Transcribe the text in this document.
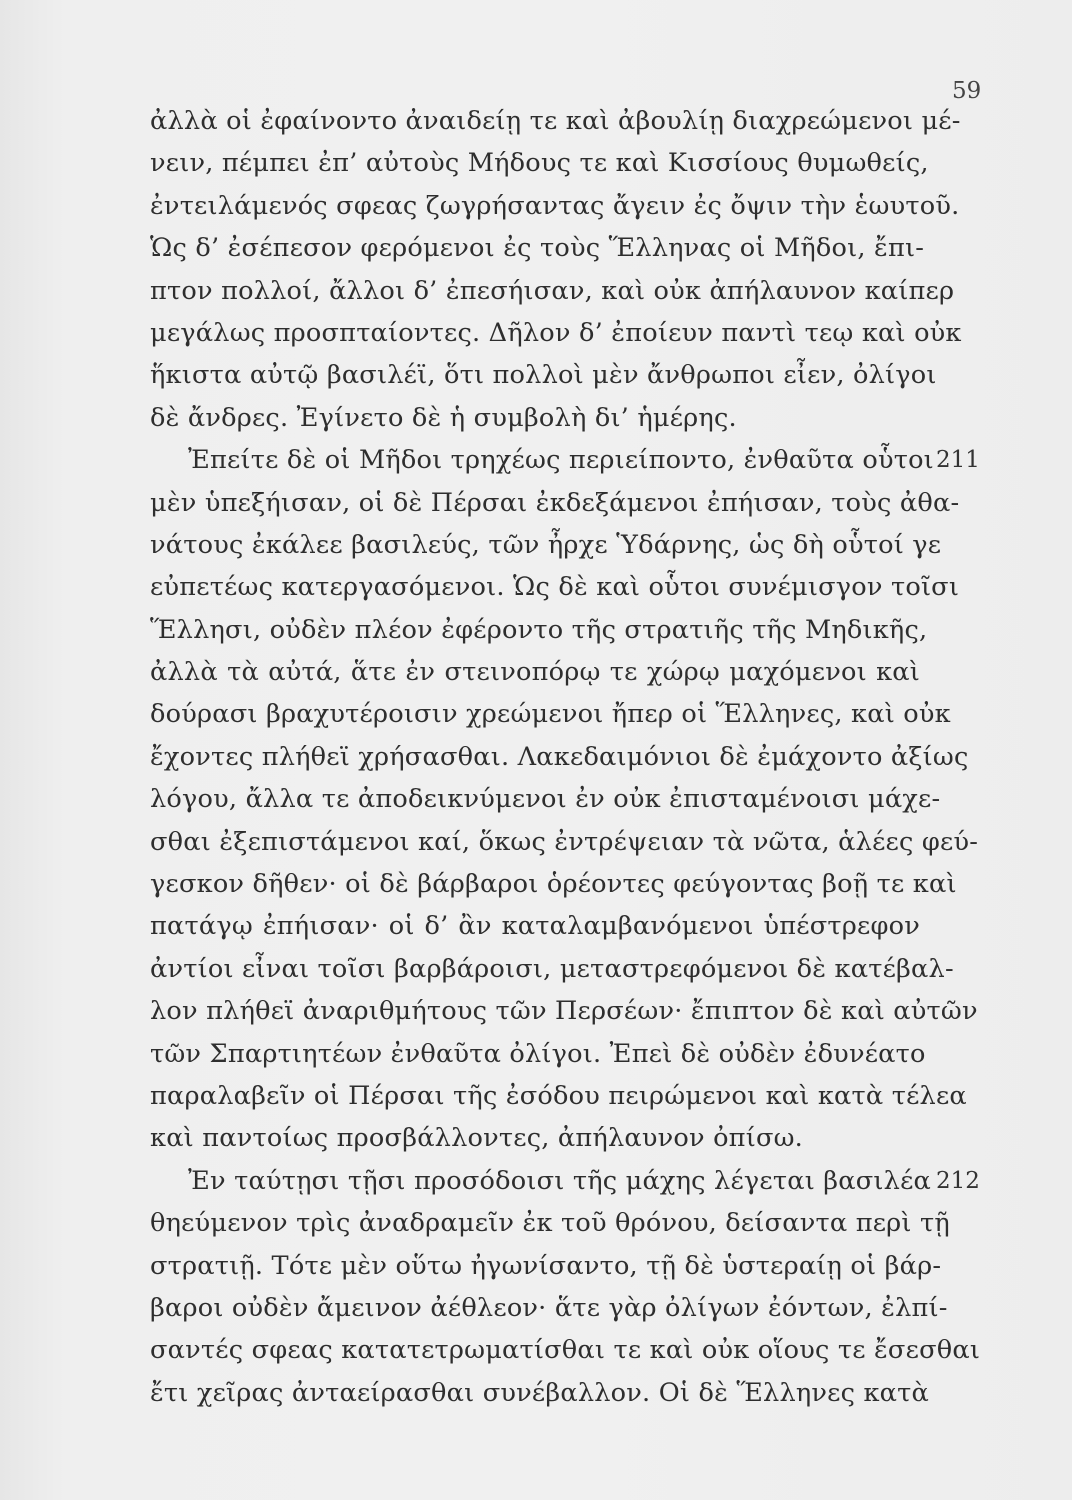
59
ἀλλὰ οἱ ἐφαίνοντο ἀναιδείῃ τε καὶ ἀβουλίῃ διαχρεώμενοι μέ-
νειν, πέμπει ἐπ’ αὐτοὺς Μήδους τε καὶ Κισσίους θυμωθείς,
ἐντειλάμενός σφεας ζωγρήσαντας ἄγειν ἐς ὄψιν τὴν ἑωυτοῦ.
Ὡς δ’ ἐσέπεσον φερόμενοι ἐς τοὺς Ἕλληνας οἱ Μῆδοι, ἔπι-
πτον πολλοί, ἄλλοι δ’ ἐπεσήισαν, καὶ οὐκ ἀπήλαυνον καίπερ
μεγάλως προσπταίοντες. Δῆλον δ’ ἐποίευν παντὶ τεῳ καὶ οὐκ
ἥκιστα αὐτῷ βασιλέϊ, ὅτι πολλοὶ μὲν ἄνθρωποι εἶεν, ὀλίγοι
δὲ ἄνδρες. Ἐγίνετο δὲ ἡ συμβολὴ δι’ ἡμέρης.
Ἐπείτε δὲ οἱ Μῆδοι τρηχέως περιείποντο, ἐνθαῦτα οὗτοι
μὲν ὑπεξήισαν, οἱ δὲ Πέρσαι ἐκδεξάμενοι ἐπήισαν, τοὺς ἀθα-
νάτους ἐκάλεε βασιλεύς, τῶν ἦρχε Ὑδάρνης, ὡς δὴ οὗτοί γε
εὐπετέως κατεργασόμενοι. Ὡς δὲ καὶ οὗτοι συνέμισγον τοῖσι
Ἕλλησι, οὐδὲν πλέον ἐφέροντο τῆς στρατιῆς τῆς Μηδικῆς,
ἀλλὰ τὰ αὐτά, ἅτε ἐν στεινοπόρῳ τε χώρῳ μαχόμενοι καὶ
δούρασι βραχυτέροισιν χρεώμενοι ἤπερ οἱ Ἕλληνες, καὶ οὐκ
ἔχοντες πλήθεϊ χρήσασθαι. Λακεδαιμόνιοι δὲ ἐμάχοντο ἀξίως
λόγου, ἄλλα τε ἀποδεικνύμενοι ἐν οὐκ ἐπισταμένοισι μάχε-
σθαι ἐξεπιστάμενοι καί, ὅκως ἐντρέψειαν τὰ νῶτα, ἁλέες φεύ-
γεσκον δῆθεν· οἱ δὲ βάρβαροι ὁρέοντες φεύγοντας βοῇ τε καὶ
πατάγῳ ἐπήισαν· οἱ δ’ ἂν καταλαμβανόμενοι ὑπέστρεφον
ἀντίοι εἶναι τοῖσι βαρβάροισι, μεταστρεφόμενοι δὲ κατέβαλ-
λον πλήθεϊ ἀναριθμήτους τῶν Περσέων· ἔπιπτον δὲ καὶ αὐτῶν
τῶν Σπαρτιητέων ἐνθαῦτα ὀλίγοι. Ἐπεὶ δὲ οὐδὲν ἐδυνέατο
παραλαβεῖν οἱ Πέρσαι τῆς ἐσόδου πειρώμενοι καὶ κατὰ τέλεα
καὶ παντοίως προσβάλλοντες, ἀπήλαυνον ὀπίσω.
Ἐν ταύτῃσι τῇσι προσόδοισι τῆς μάχης λέγεται βασιλέα
θηεύμενον τρὶς ἀναδραμεῖν ἐκ τοῦ θρόνου, δείσαντα περὶ τῇ
στρατιῇ. Τότε μὲν οὕτω ἠγωνίσαντο, τῇ δὲ ὑστεραίῃ οἱ βάρ-
βαροι οὐδὲν ἄμεινον ἀέθλεον· ἅτε γὰρ ὀλίγων ἐόντων, ἐλπί-
σαντές σφεας κατατετρωματίσθαι τε καὶ οὐκ οἵους τε ἔσεσθαι
ἔτι χεῖρας ἀνταείρασθαι συνέβαλλον. Οἱ δὲ Ἕλληνες κατὰ
211
212
